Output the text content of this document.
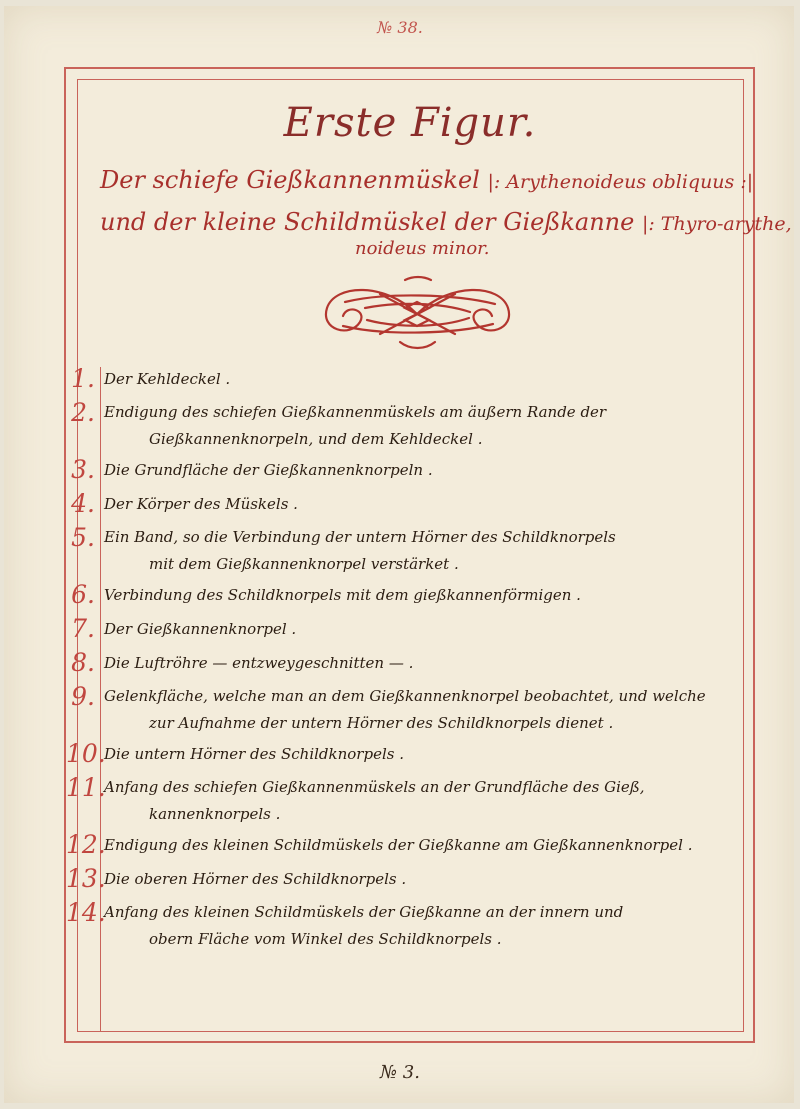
№ 38.
Erste Figur.
Der schiefe Gießkannenmüskel |: Arythenoideus obliquus :|
und der kleine Schildmüskel der Gießkanne |: Thyro-arythe,
noideus minor.
1. Der Kehldeckel .
2. Endigung des schiefen Gießkannenmüskels am äußern Rande der
Gießkannenknorpeln, und dem Kehldeckel .
3. Die Grundfläche der Gießkannenknorpeln .
4. Der Körper des Müskels .
5. Ein Band, so die Verbindung der untern Hörner des Schildknorpels
mit dem Gießkannenknorpel verstärket .
6. Verbindung des Schildknorpels mit dem gießkannenförmigen .
7. Der Gießkannenknorpel .
8. Die Luftröhre — entzweygeschnitten — .
9. Gelenkfläche, welche man an dem Gießkannenknorpel beobachtet, und welche
zur Aufnahme der untern Hörner des Schildknorpels dienet .
10.
Die untern Hörner des Schildknorpels .
11.
Anfang des schiefen Gießkannenmüskels an der Grundfläche des Gieß,
kannenknorpels .
12.
Endigung des kleinen Schildmüskels der Gießkanne am Gießkannenknorpel .
13.
Die oberen Hörner des Schildknorpels .
14.
Anfang des kleinen Schildmüskels der Gießkanne an der innern und
obern Fläche vom Winkel des Schildknorpels .
№ 3.
